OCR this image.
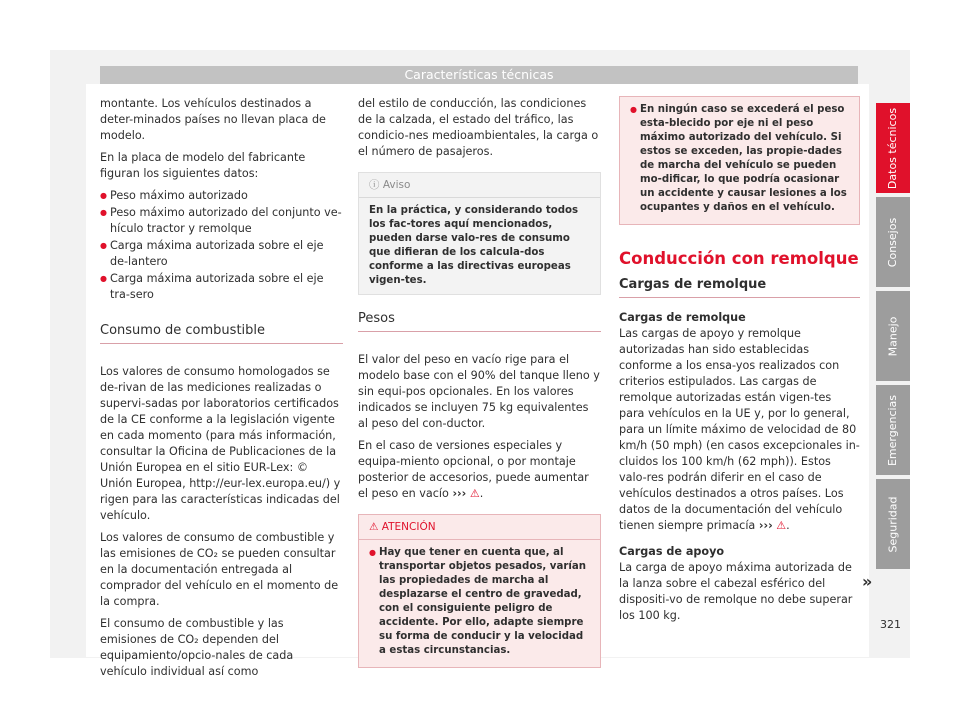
Características técnicas

montante. Los vehículos destinados a deter-minados países no llevan placa de modelo.

En la placa de modelo del fabricante figuran los siguientes datos:

● Peso máximo autorizado
● Peso máximo autorizado del conjunto ve-hículo tractor y remolque
● Carga máxima autorizada sobre el eje de-lantero
● Carga máxima autorizada sobre el eje tra-sero
Consumo de combustible

Los valores de consumo homologados se de-rivan de las mediciones realizadas o supervi-sadas por laboratorios certificados de la CE conforme a la legislación vigente en cada momento (para más información, consultar la Oficina de Publicaciones de la Unión Europea en el sitio EUR-Lex: © Unión Europea, http://eur-lex.europa.eu/) y rigen para las características indicadas del vehículo.

Los valores de consumo de combustible y las emisiones de CO₂ se pueden consultar en la documentación entregada al comprador del vehículo en el momento de la compra.

El consumo de combustible y las emisiones de CO₂ dependen del equipamiento/opcio-nales de cada vehículo individual así como

del estilo de conducción, las condiciones de la calzada, el estado del tráfico, las condicio-nes medioambientales, la carga o el número de pasajeros.

ⓘ Aviso
En la práctica, y considerando todos los fac-tores aquí mencionados, pueden darse valo-res de consumo que difieran de los calcula-dos conforme a las directivas europeas vigen-tes.
Pesos

El valor del peso en vacío rige para el modelo base con el 90% del tanque lleno y sin equi-pos opcionales. En los valores indicados se incluyen 75 kg equivalentes al peso del con-ductor.

En el caso de versiones especiales y equipa-miento opcional, o por montaje posterior de accesorios, puede aumentar el peso en vacío ››› ⚠.

⚠ ATENCIÓN
● Hay que tener en cuenta que, al transportar objetos pesados, varían las propiedades de marcha al desplazarse el centro de gravedad, con el consiguiente peligro de accidente. Por ello, adapte siempre su forma de conducir y la velocidad a estas circunstancias.
● En ningún caso se excederá el peso esta-blecido por eje ni el peso máximo autorizado del vehículo. Si estos se exceden, las propie-dades de marcha del vehículo se pueden mo-dificar, lo que podría ocasionar un accidente y causar lesiones a los ocupantes y daños en el vehículo.
Conducción con remolque
Cargas de remolque

Cargas de remolque

Las cargas de apoyo y remolque autorizadas han sido establecidas conforme a los ensa-yos realizados con criterios estipulados. Las cargas de remolque autorizadas están vigen-tes para vehículos en la UE y, por lo general, para un límite máximo de velocidad de 80 km/h (50 mph) (en casos excepcionales in-cluidos los 100 km/h (62 mph)). Estos valo-res podrán diferir en el caso de vehículos destinados a otros países. Los datos de la documentación del vehículo tienen siempre primacía ››› ⚠.

Cargas de apoyo

La carga de apoyo máxima autorizada de la lanza sobre el cabezal esférico del dispositi-vo de remolque no debe superar los 100 kg.

Datos técnicos
Consejos
Manejo
Emergencias
Seguridad
»
321
